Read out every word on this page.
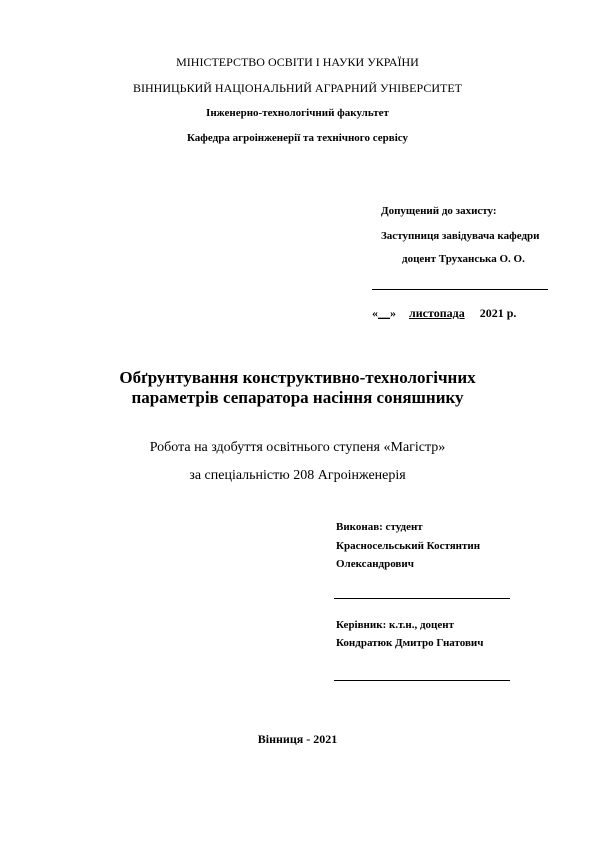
МІНІСТЕРСТВО ОСВІТИ І НАУКИ УКРАЇНИ
ВІННИЦЬКИЙ НАЦІОНАЛЬНИЙ АГРАРНИЙ УНІВЕРСИТЕТ
Інженерно-технологічний факультет
Кафедра агроінженерії та технічного сервісу
Допущений до захисту:
Заступниця завідувача кафедри
доцент Труханська О. О.
«__» листопада 2021 р.
Обґрунтування конструктивно-технологічних
параметрів сепаратора насіння соняшнику
Робота на здобуття освітнього ступеня «Магістр»
за спеціальністю 208 Агроінженерія
Виконав: студент
Красносельський Костянтин
Олександрович
Керівник: к.т.н., доцент
Кондратюк Дмитро Гнатович
Вінниця - 2021
